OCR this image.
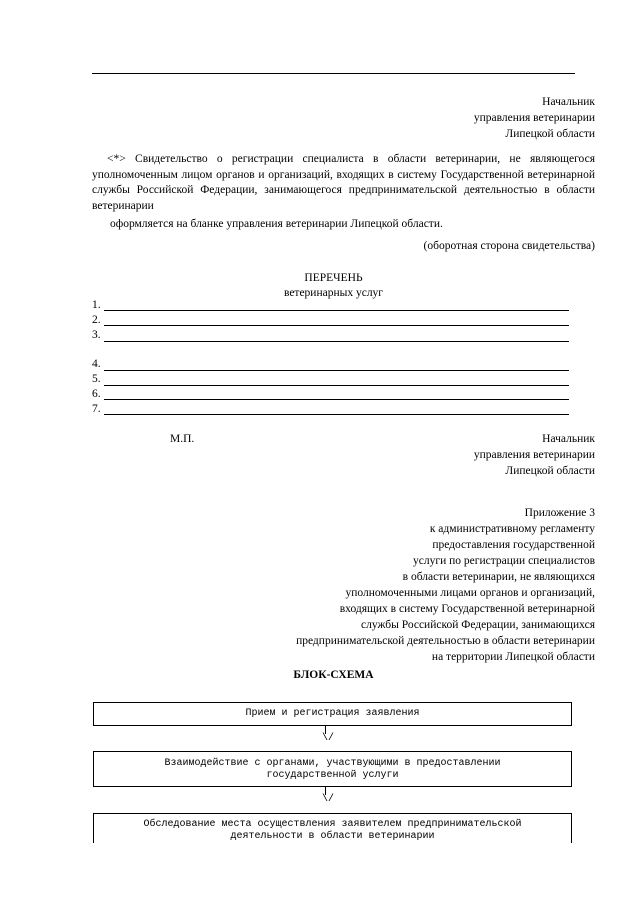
Начальник
управления ветеринарии
Липецкой области

<*> Свидетельство о регистрации специалиста в области ветеринарии, не являющегося уполномоченным лицом органов и организаций, входящих в систему Государственной ветеринарной службы Российской Федерации, занимающегося предпринимательской деятельностью в области ветеринарии

оформляется на бланке управления ветеринарии Липецкой области.

(оборотная сторона свидетельства)
ПЕРЕЧЕНЬ
ветеринарных услуг
1.
2.
3.
4.
5.
6.
7.
М.П.	Начальник
управления ветеринарии
Липецкой области
Приложение 3
к административному регламенту
предоставления государственной
услуги по регистрации специалистов
в области ветеринарии, не являющихся
уполномоченными лицами органов и организаций,
входящих в систему Государственной ветеринарной
службы Российской Федерации, занимающихся
предпринимательской деятельностью в области ветеринарии
на территории Липецкой области
БЛОК-СХЕМА
Прием и регистрация заявления
\/
Взаимодействие с органами, участвующими в предоставлении
государственной услуги
\/
Обследование места осуществления заявителем предпринимательской
деятельности в области ветеринарии
